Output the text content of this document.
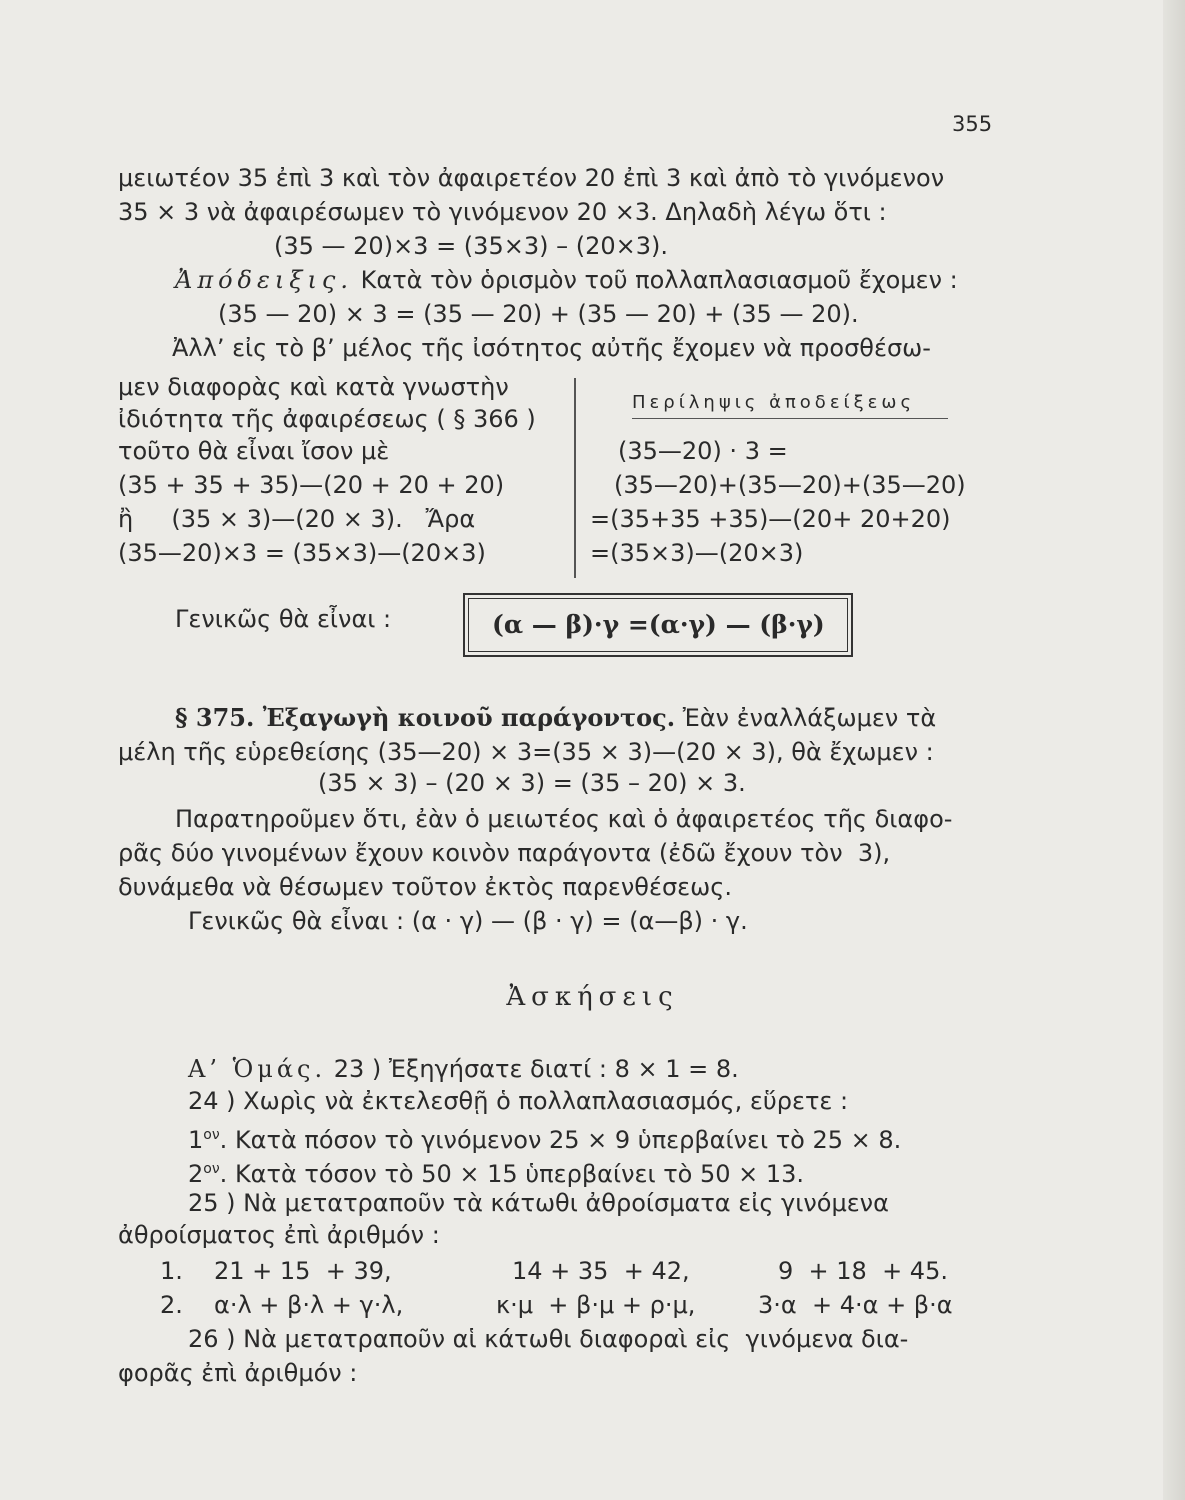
355
μειωτέον 35 ἐπὶ 3 καὶ τὸν ἀφαιρετέον 20 ἐπὶ 3 καὶ ἀπὸ τὸ γινόμενον
35 × 3 νὰ ἀφαιρέσωμεν τὸ γινόμενον 20 ×3. Δηλαδὴ λέγω ὅτι :
(35 — 20)×3 = (35×3) – (20×3).
Ἀπόδειξις. Κατὰ τὸν ὁρισμὸν τοῦ πολλαπλασιασμοῦ ἔχομεν :
(35 — 20) × 3 = (35 — 20) + (35 — 20) + (35 — 20).
Ἀλλ’ εἰς τὸ β’ μέλος τῆς ἰσότητος αὐτῆς ἔχομεν νὰ προσθέσω-
μεν διαφορὰς καὶ κατὰ γνωστὴν
ἰδιότητα τῆς ἀφαιρέσεως ( § 366 )
τοῦτο θὰ εἶναι ἴσον μὲ
(35 + 35 + 35)—(20 + 20 + 20)
ἢ     (35 × 3)—(20 × 3).   Ἄρα
(35—20)×3 = (35×3)—(20×3)
Περίληψις ἀποδείξεως
(35—20) · 3 =
(35—20)+(35—20)+(35—20)
=(35+35 +35)—(20+ 20+20)
=(35×3)—(20×3)
Γενικῶς θὰ εἶναι :	(α — β)·γ =(α·γ) — (β·γ)
§ 375. Ἐξαγωγὴ κοινοῦ παράγοντος. Ἐὰν ἐναλλάξωμεν τὰ
μέλη τῆς εὑρεθείσης (35—20) × 3=(35 × 3)—(20 × 3), θὰ ἔχωμεν :
(35 × 3) – (20 × 3) = (35 – 20) × 3.
Παρατηροῦμεν ὅτι, ἐὰν ὁ μειωτέος καὶ ὁ ἀφαιρετέος τῆς διαφο-
ρᾶς δύο γινομένων ἔχουν κοινὸν παράγοντα (ἐδῶ ἔχουν τὸν  3),
δυνάμεθα νὰ θέσωμεν τοῦτον ἐκτὸς παρενθέσεως.
Γενικῶς θὰ εἶναι : (α · γ) — (β · γ) = (α—β) · γ.
Ἀσκήσεις
Α’ Ὁμάς. 23 ) Ἐξηγήσατε διατί : 8 × 1 = 8.
24 ) Χωρὶς νὰ ἐκτελεσθῇ ὁ πολλαπλασιασμός, εὕρετε :
$1^{o\nu}$. Κατὰ πόσον τὸ γινόμενον 25 × 9 ὑπερβαίνει τὸ 25 × 8.
$2^{o\nu}$. Κατὰ τόσον τὸ 50 × 15 ὑπερβαίνει τὸ 50 × 13.
25 ) Νὰ μετατραποῦν τὰ κάτωθι ἀθροίσματα εἰς γινόμενα
ἀθροίσματος ἐπὶ ἀριθμόν :
1. 21 + 15  + 39,	14 + 35  + 42,	9  + 18  + 45.
2. α·λ + β·λ + γ·λ,	κ·μ  + β·μ + ρ·μ,	3·α  + 4·α + β·α
26 ) Νὰ μετατραποῦν αἱ κάτωθι διαφοραὶ εἰς  γινόμενα δια-
φορᾶς ἐπὶ ἀριθμόν :
